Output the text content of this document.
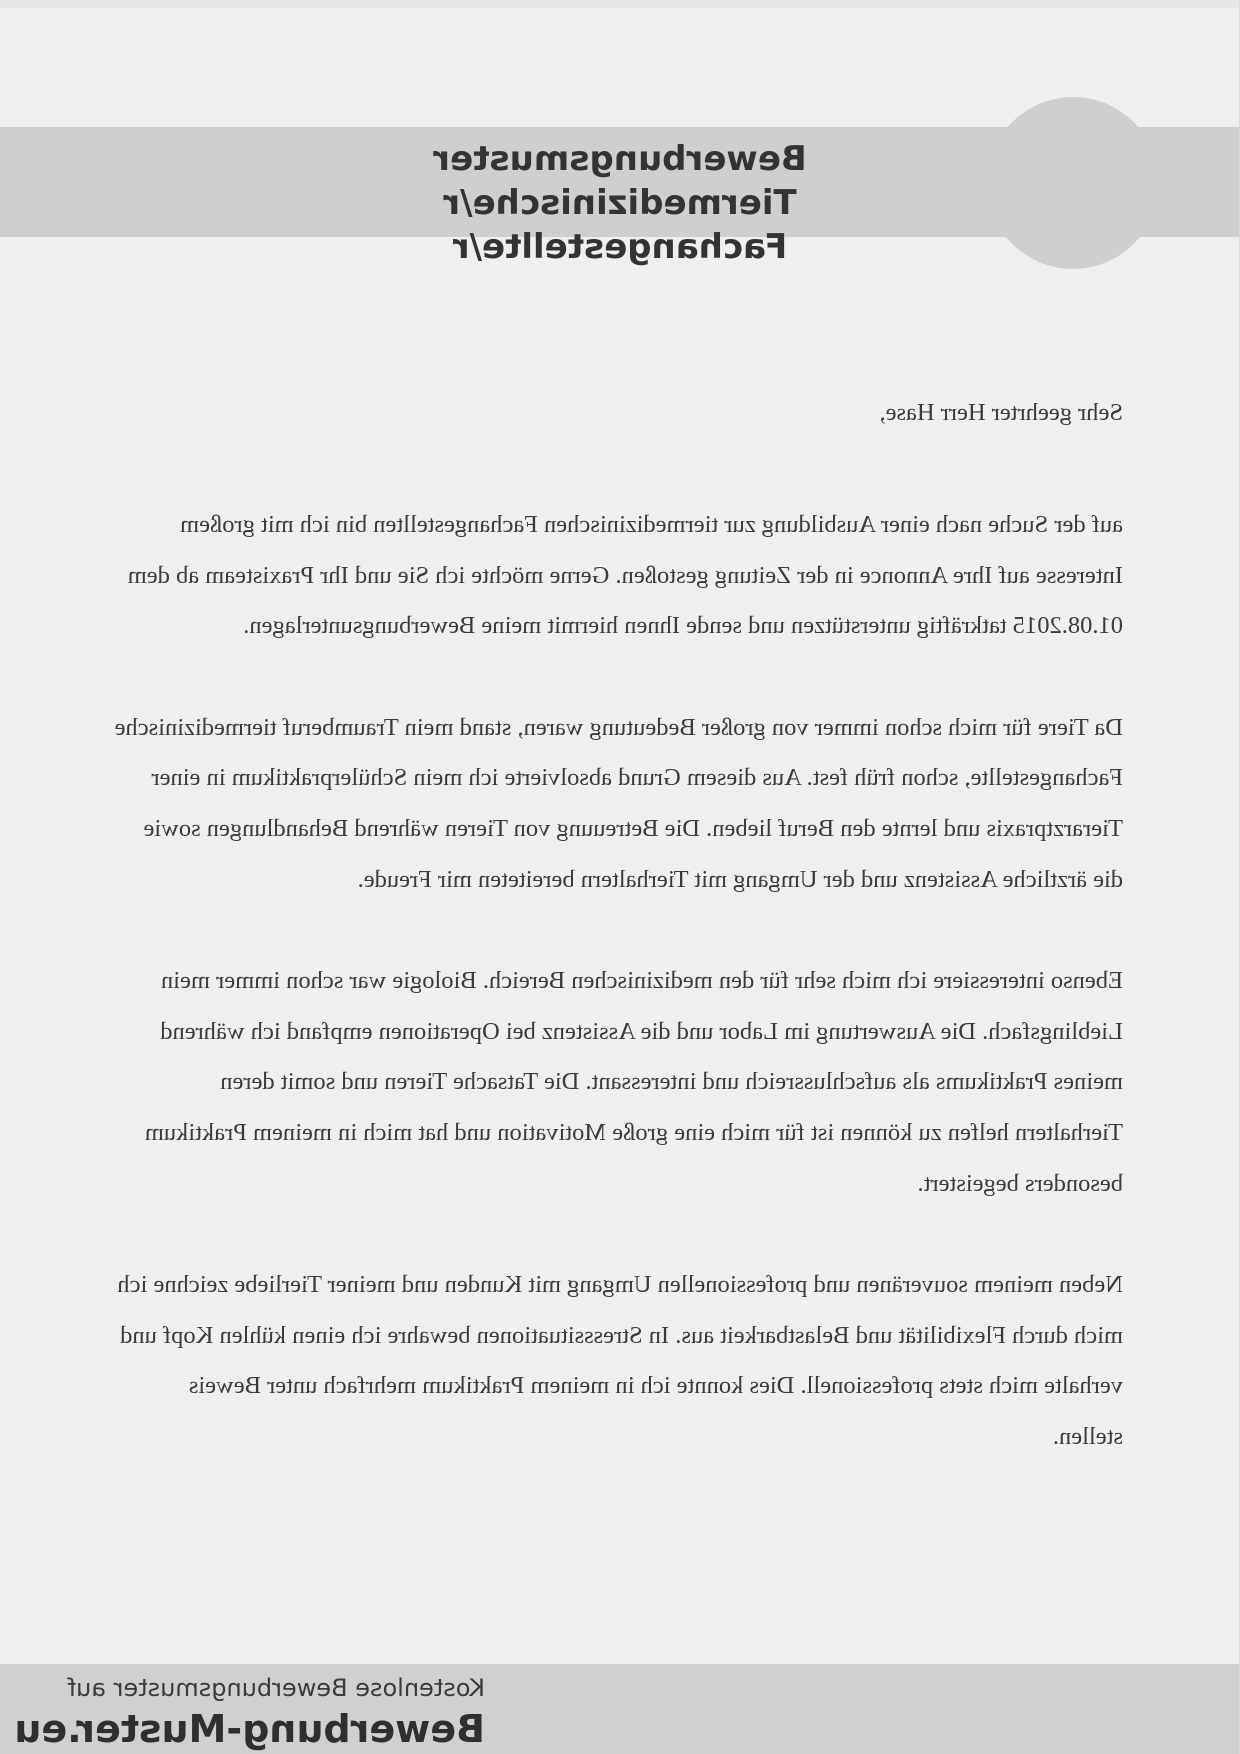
Bewerbungsmuster
Tiermedizinische/r Fachangestellte/r

Sehr geehrter Herr Hase,

auf der Suche nach einer Ausbildung zur tiermedizinischen Fachangestellten bin ich mit großem Interesse auf Ihre Annonce in der Zeitung gestoßen. Gerne möchte ich Sie und Ihr Praxisteam ab dem 01.08.2015 tatkräftig unterstützen und sende Ihnen hiermit meine Bewerbungsunterlagen.

Da Tiere für mich schon immer von großer Bedeutung waren, stand mein Traumberuf tiermedizinische Fachangestellte, schon früh fest. Aus diesem Grund absolvierte ich mein Schülerpraktikum in einer Tierarztpraxis und lernte den Beruf lieben. Die Betreuung von Tieren während Behandlungen sowie die ärztliche Assistenz und der Umgang mit Tierhaltern bereiteten mir Freude.

Ebenso interessiere ich mich sehr für den medizinischen Bereich. Biologie war schon immer mein Lieblingsfach. Die Auswertung im Labor und die Assistenz bei Operationen empfand ich während meines Praktikums als aufschlussreich und interessant. Die Tatsache Tieren und somit deren Tierhaltern helfen zu können ist für mich eine große Motivation und hat mich in meinem Praktikum besonders begeistert.

Neben meinem souveränen und professionellen Umgang mit Kunden und meiner Tierliebe zeichne ich mich durch Flexibilität und Belastbarkeit aus. In Stresssituationen bewahre ich einen kühlen Kopf und verhalte mich stets professionell. Dies konnte ich in meinem Praktikum mehrfach unter Beweis stellen.

Kostenlose Bewerbungsmuster auf
Bewerbung-Muster.eu
